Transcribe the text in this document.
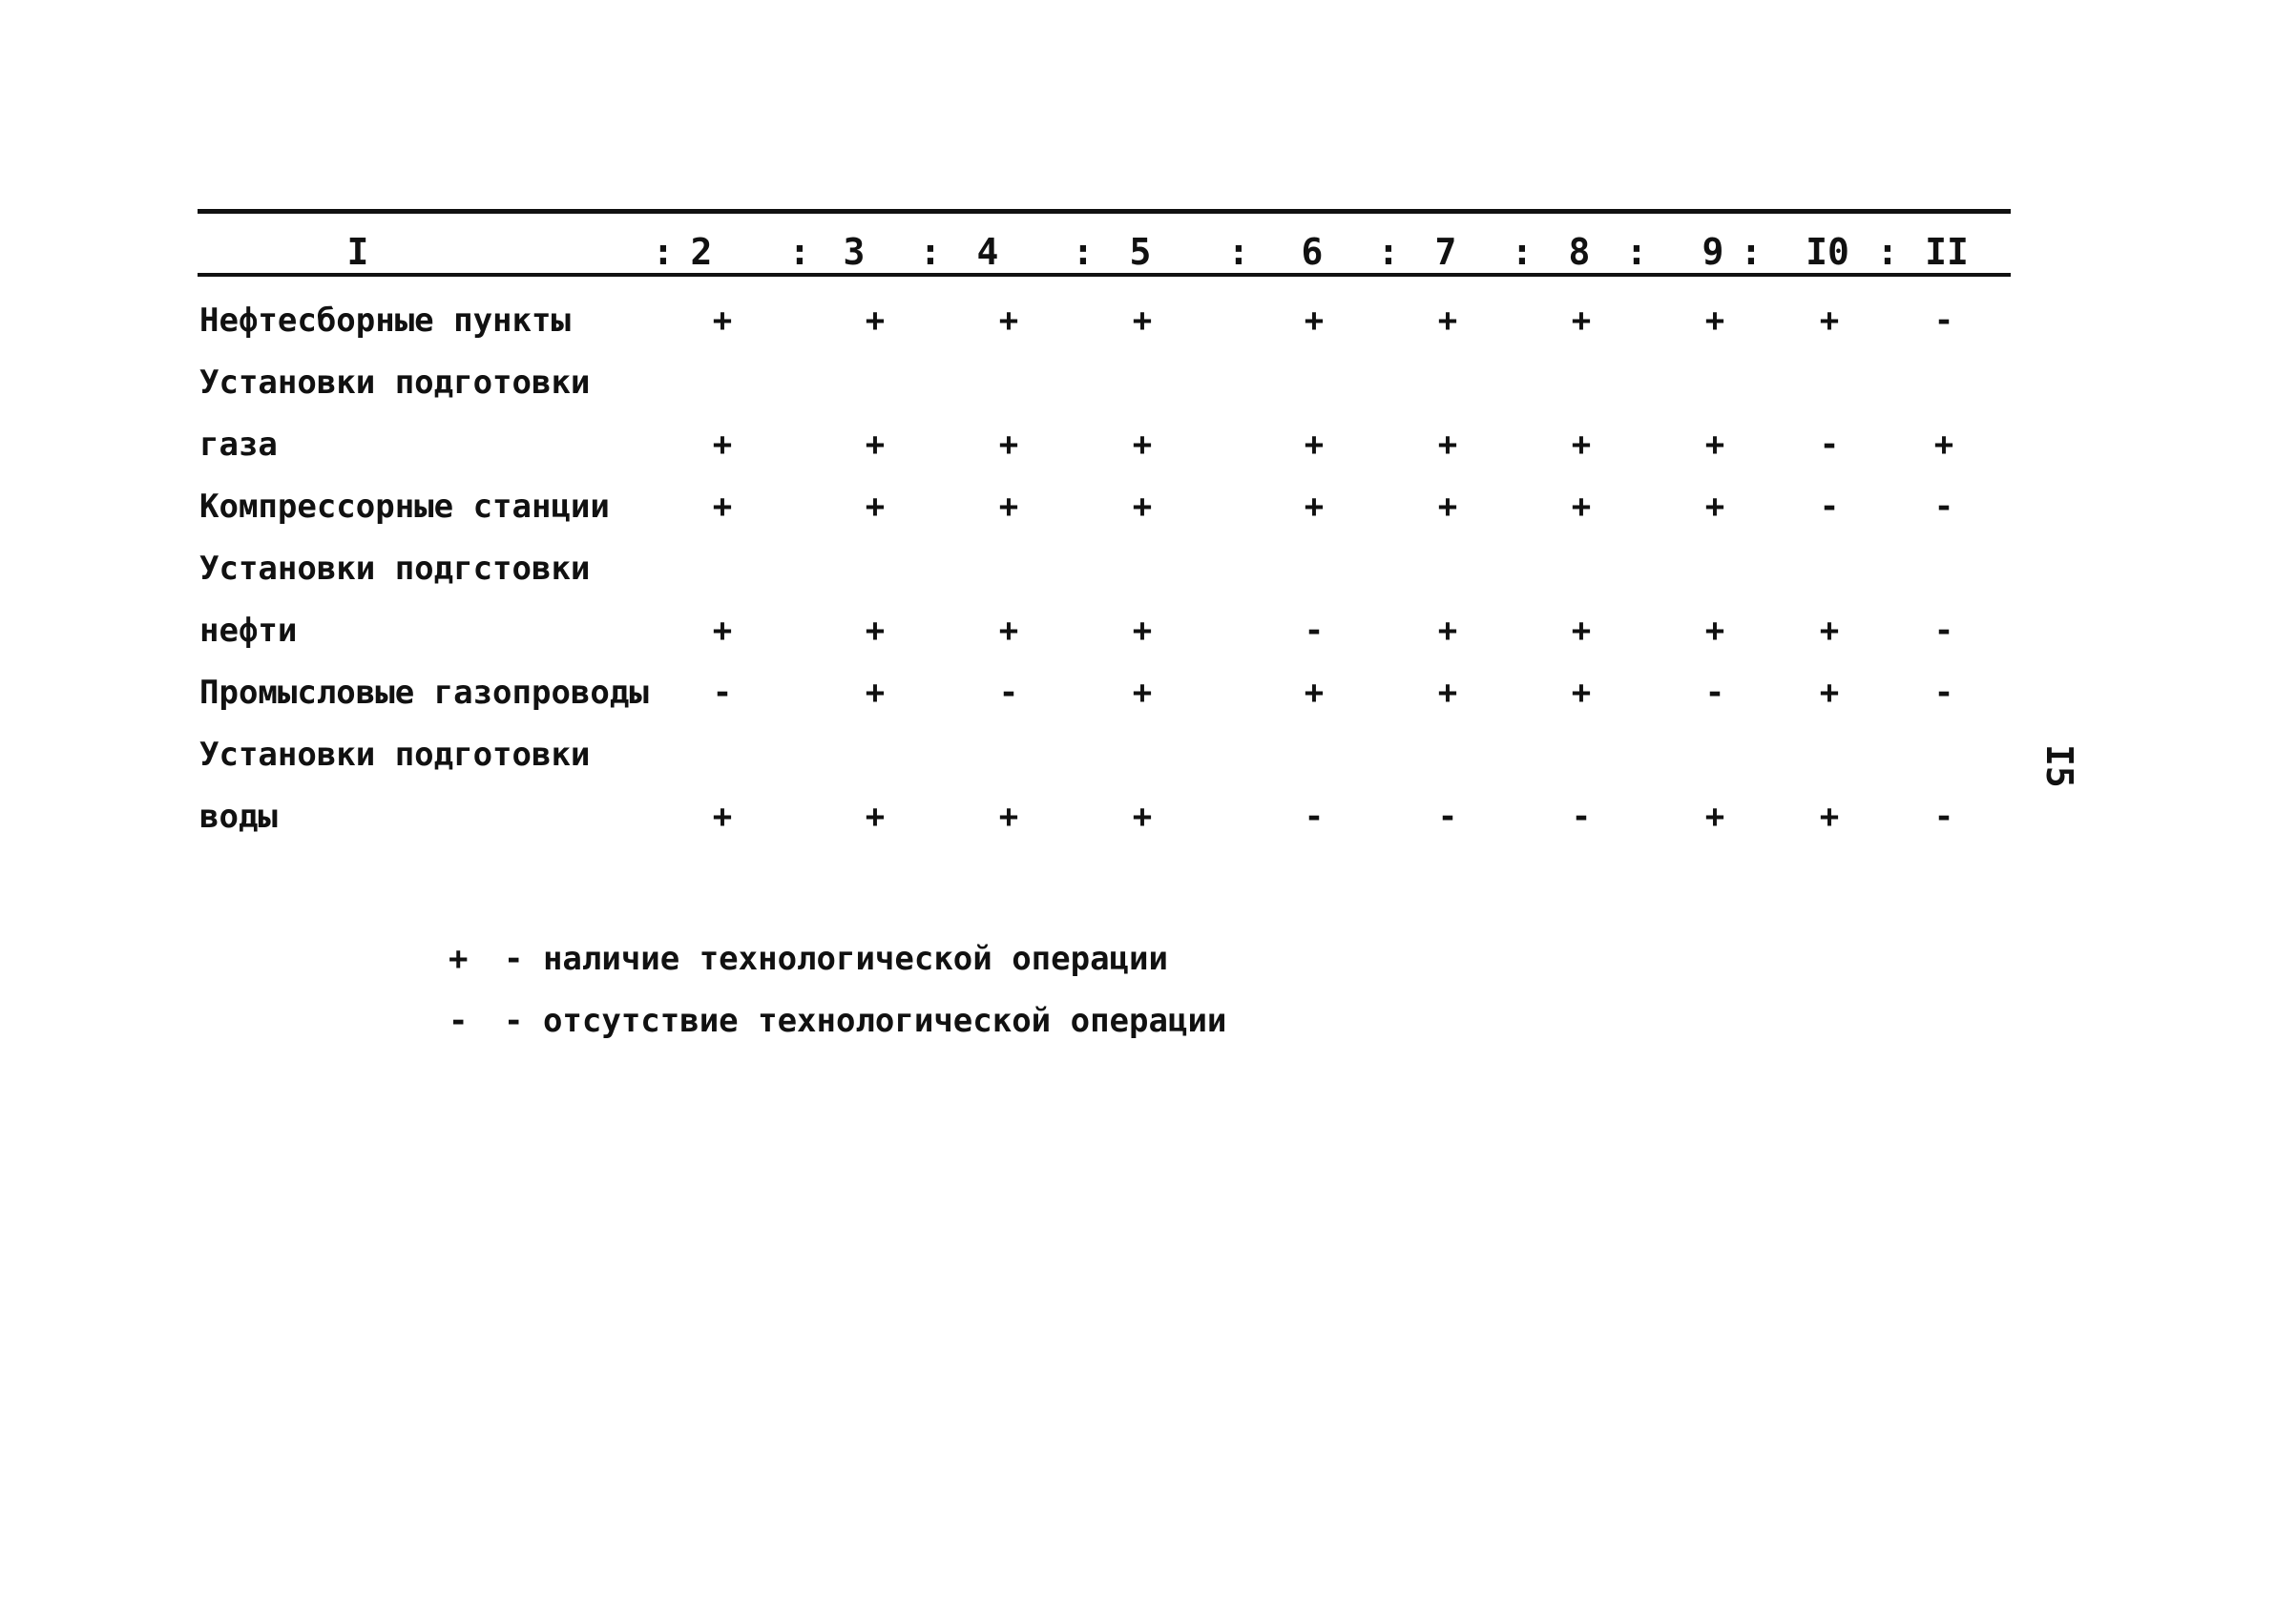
I	2	3	4	5	6	7	8	9 I0 II
:	:	:	:	:	:	:	:	:	:
Нефтесборные пункты	+	+	+	+	+	+	+	+	+	-
Установки подготовки
газа	+	+	+	+	+	+	+	+	-	+
Компрессорные станции	+	+	+	+	+	+	+	+	-	-
Установки подгстовки
нефти	+	+	+	+	-	+	+	+	+	-
Промысловые газопроводы -	+	-	+	+	+	+	-	+	-
Установки подготовки
воды	+	+	+	+	-	-	-	+	+	-
+ - наличие технологической операции
- - отсутствие технологической операции
I5
